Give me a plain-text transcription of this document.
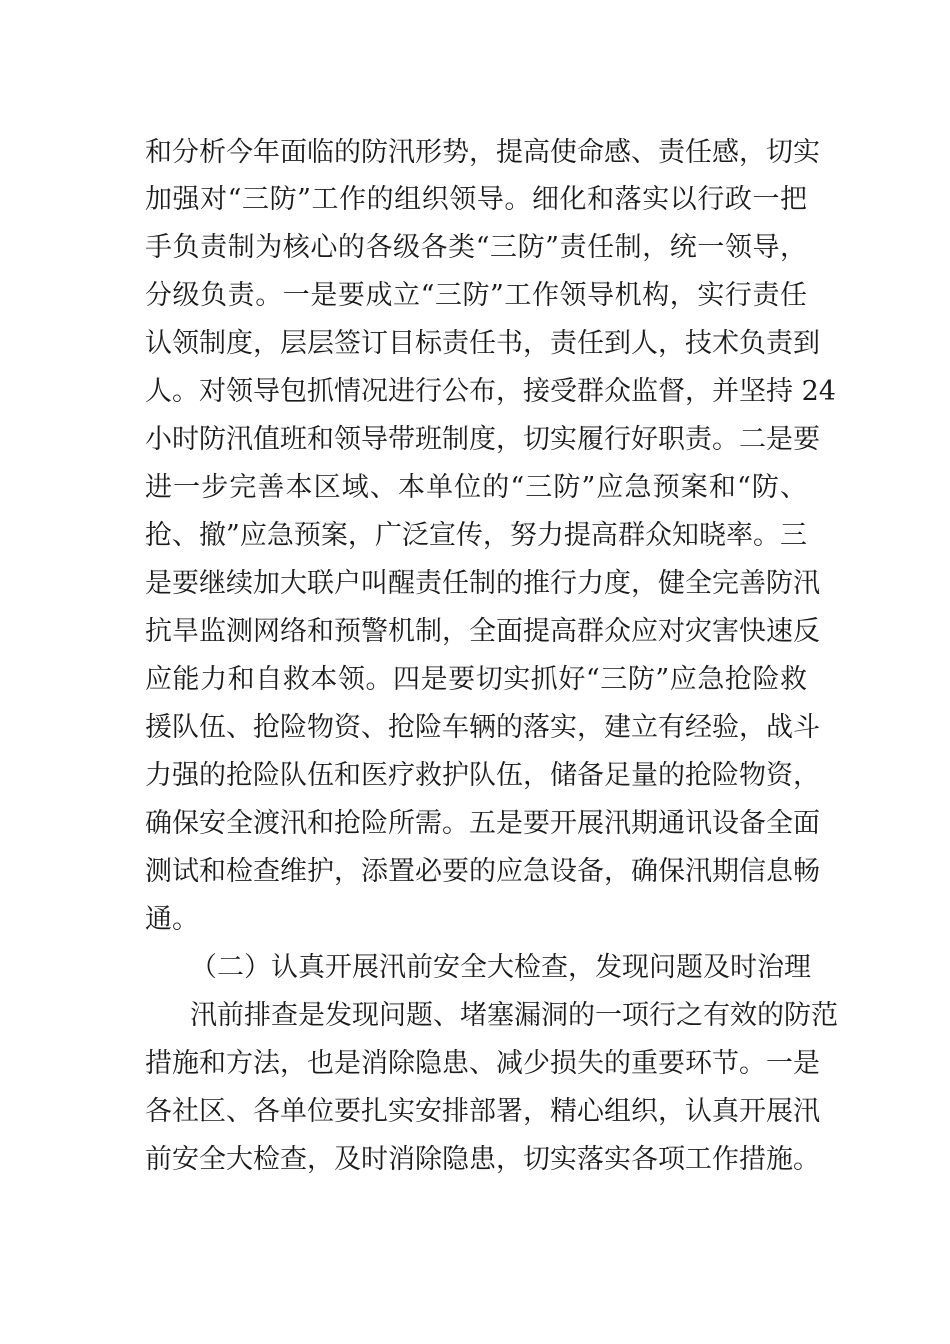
和分析今年面临的防汛形势，提高使命感、责任感，切实
加强对“三防”工作的组织领导。细化和落实以行政一把
手负责制为核心的各级各类“三防”责任制，统一领导，
分级负责。一是要成立“三防”工作领导机构，实行责任
认领制度，层层签订目标责任书，责任到人，技术负责到
人。对领导包抓情况进行公布，接受群众监督，并坚持 24
小时防汛值班和领导带班制度，切实履行好职责。二是要
进一步完善本区域、本单位的“三防”应急预案和“防、
抢、撤”应急预案，广泛宣传，努力提高群众知晓率。三
是要继续加大联户叫醒责任制的推行力度，健全完善防汛
抗旱监测网络和预警机制，全面提高群众应对灾害快速反
应能力和自救本领。四是要切实抓好“三防”应急抢险救
援队伍、抢险物资、抢险车辆的落实，建立有经验，战斗
力强的抢险队伍和医疗救护队伍，储备足量的抢险物资，
确保安全渡汛和抢险所需。五是要开展汛期通讯设备全面
测试和检查维护，添置必要的应急设备，确保汛期信息畅
通。
（二）认真开展汛前安全大检查，发现问题及时治理
汛前排查是发现问题、堵塞漏洞的一项行之有效的防范
措施和方法，也是消除隐患、减少损失的重要环节。一是
各社区、各单位要扎实安排部署，精心组织，认真开展汛
前安全大检查，及时消除隐患，切实落实各项工作措施。
